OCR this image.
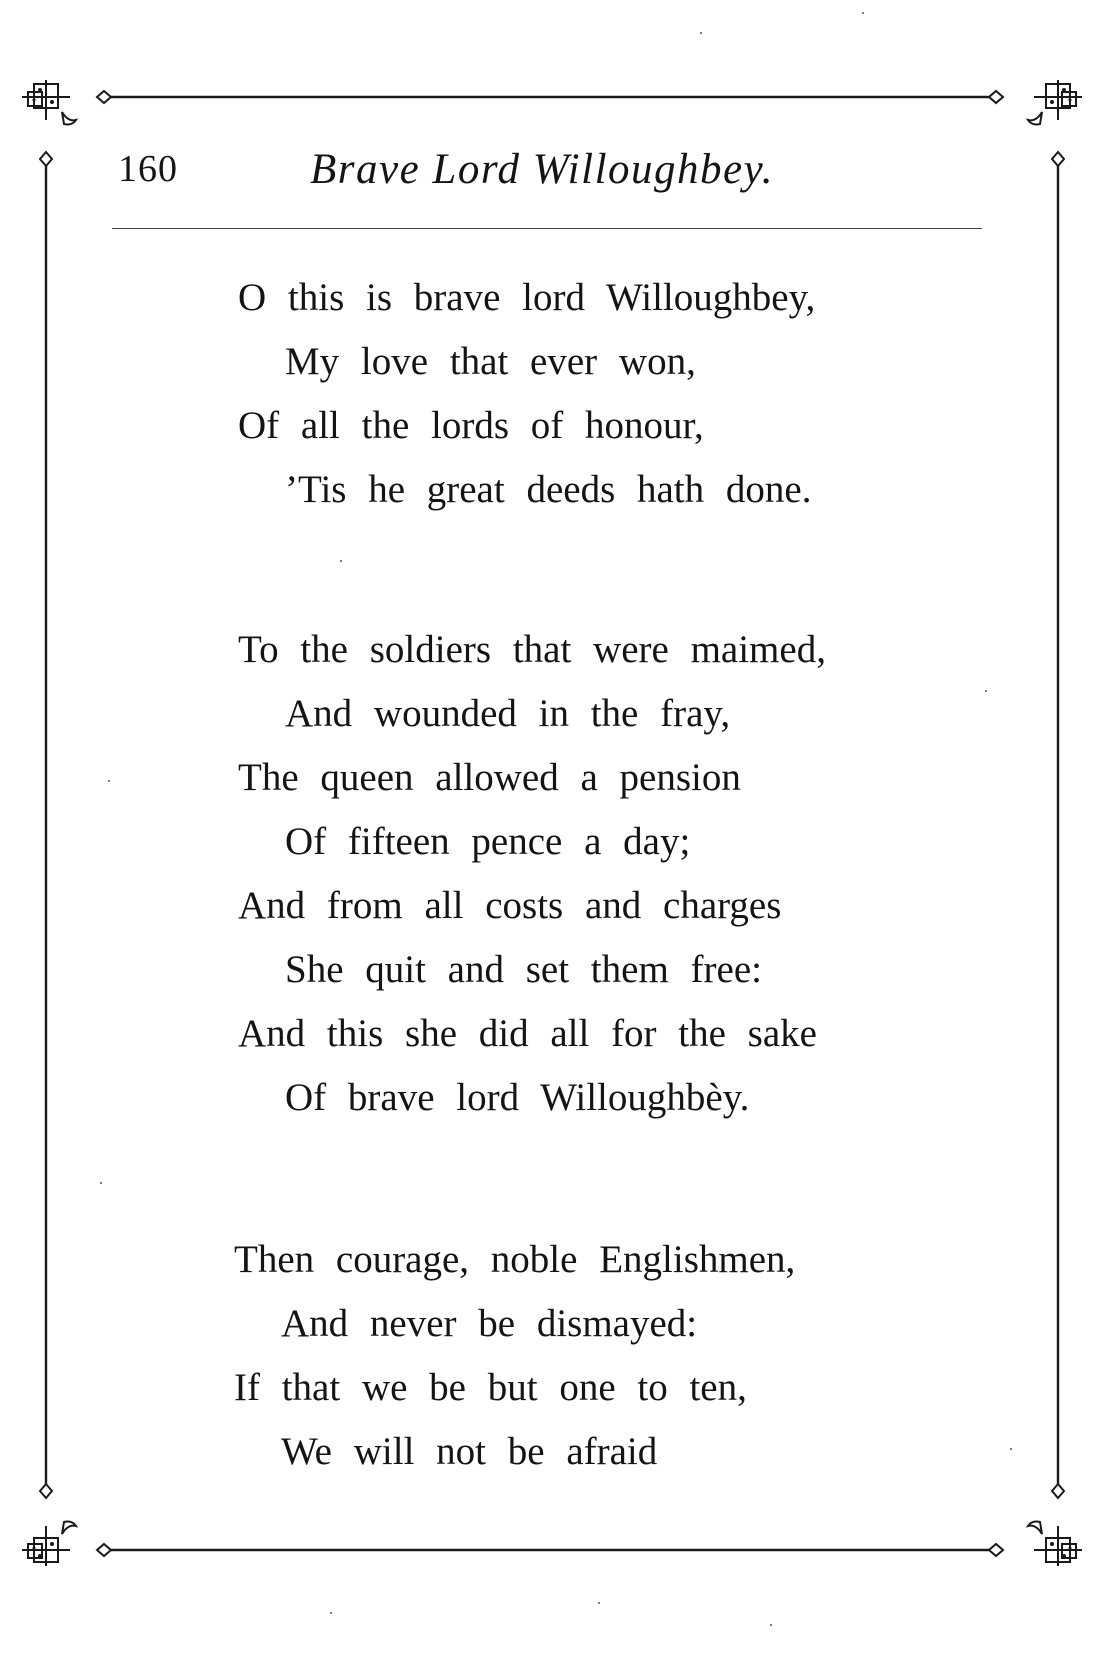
160	Brave Lord Willoughbey.
O this is brave lord Willoughbey,
My love that ever won,
Of all the lords of honour,
’Tis he great deeds hath done.
To the soldiers that were maimed,
And wounded in the fray,
The queen allowed a pension
Of fifteen pence a day;
And from all costs and charges
She quit and set them free:
And this she did all for the sake
Of brave lord Willoughbèy.
Then courage, noble Englishmen,
And never be dismayed:
If that we be but one to ten,
We will not be afraid
